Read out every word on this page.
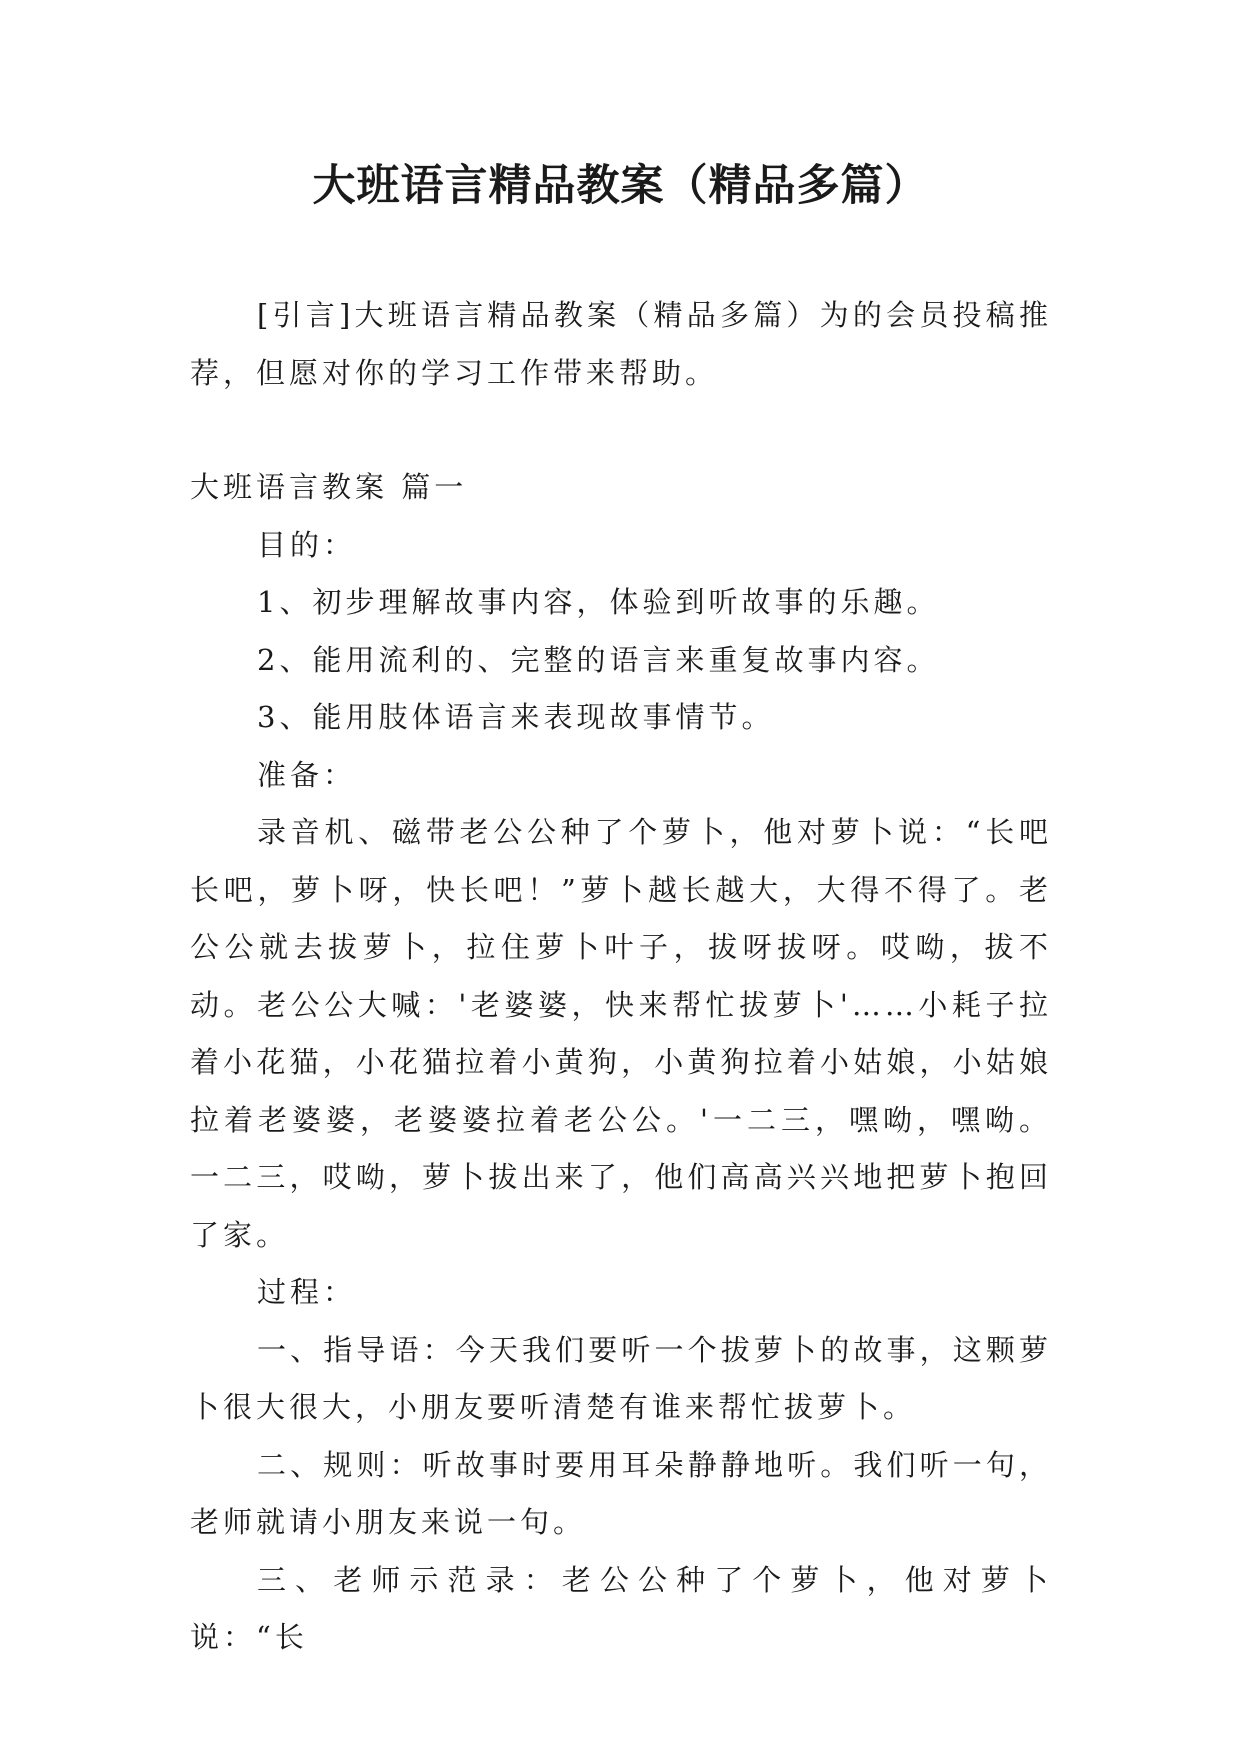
大班语言精品教案（精品多篇）

[引言]大班语言精品教案（精品多篇）为的会员投稿推荐，但愿对你的学习工作带来帮助。

大班语言教案 篇一

目的：

1、初步理解故事内容，体验到听故事的乐趣。

2、能用流利的、完整的语言来重复故事内容。

3、能用肢体语言来表现故事情节。

准备：

录音机、磁带老公公种了个萝卜，他对萝卜说：“长吧长吧，萝卜呀，快长吧！”萝卜越长越大，大得不得了。老公公就去拔萝卜，拉住萝卜叶子，拔呀拔呀。哎呦，拔不动。老公公大喊：'老婆婆，快来帮忙拔萝卜'……小耗子拉着小花猫，小花猫拉着小黄狗，小黄狗拉着小姑娘，小姑娘拉着老婆婆，老婆婆拉着老公公。'一二三，嘿呦，嘿呦。一二三，哎呦，萝卜拔出来了，他们高高兴兴地把萝卜抱回了家。

过程：

一、指导语：今天我们要听一个拔萝卜的故事，这颗萝卜很大很大，小朋友要听清楚有谁来帮忙拔萝卜。

二、规则：听故事时要用耳朵静静地听。我们听一句，老师就请小朋友来说一句。

三、老师示范录：老公公种了个萝卜，他对萝卜说：“长
